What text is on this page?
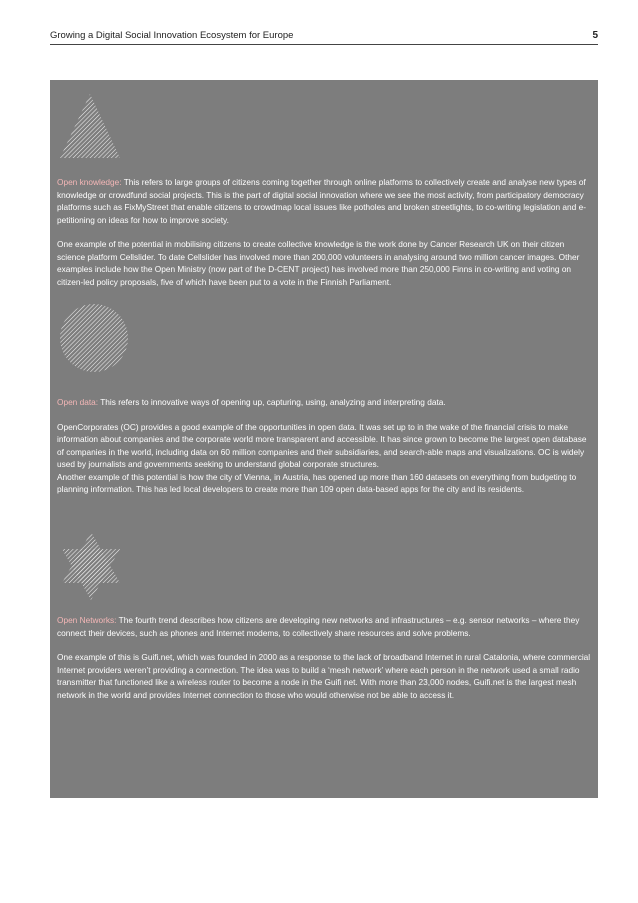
Growing a Digital Social Innovation Ecosystem for Europe	5

Open knowledge: This refers to large groups of citizens coming together through online platforms to collectively create and analyse new types of knowledge or crowdfund social projects. This is the part of digital social innovation where we see the most activity, from participatory democracy platforms such as FixMyStreet that enable citizens to crowdmap local issues like potholes and broken streetlights, to co-writing legislation and e-petitioning on ideas for how to improve society.

One example of the potential in mobilising citizens to create collective knowledge is the work done by Cancer Research UK on their citizen science platform Cellslider. To date Cellslider has involved more than 200,000 volunteers in analysing around two million cancer images. Other examples include how the Open Ministry (now part of the D-CENT project) has involved more than 250,000 Finns in co-writing and voting on citizen-led policy proposals, five of which have been put to a vote in the Finnish Parliament.

Open data: This refers to innovative ways of opening up, capturing, using, analyzing and interpreting data.

OpenCorporates (OC) provides a good example of the opportunities in open data. It was set up to in the wake of the financial crisis to make information about companies and the corporate world more transparent and accessible. It has since grown to become the largest open database of companies in the world, including data on 60 million companies and their subsidiaries, and search-able maps and visualizations. OC is widely used by journalists and governments seeking to understand global corporate structures.

Another example of this potential is how the city of Vienna, in Austria, has opened up more than 160 datasets on everything from budgeting to planning information. This has led local developers to create more than 109 open data-based apps for the city and its residents.

Open Networks: The fourth trend describes how citizens are developing new networks and infrastructures – e.g. sensor networks – where they connect their devices, such as phones and Internet modems, to collectively share resources and solve problems.

One example of this is Guifi.net, which was founded in 2000 as a response to the lack of broadband Internet in rural Catalonia, where commercial Internet providers weren’t providing a connection. The idea was to build a ‘mesh network’ where each person in the network used a small radio transmitter that functioned like a wireless router to become a node in the Guifi net. With more than 23,000 nodes, Guifi.net is the largest mesh network in the world and provides Internet connection to those who would otherwise not be able to access it.
